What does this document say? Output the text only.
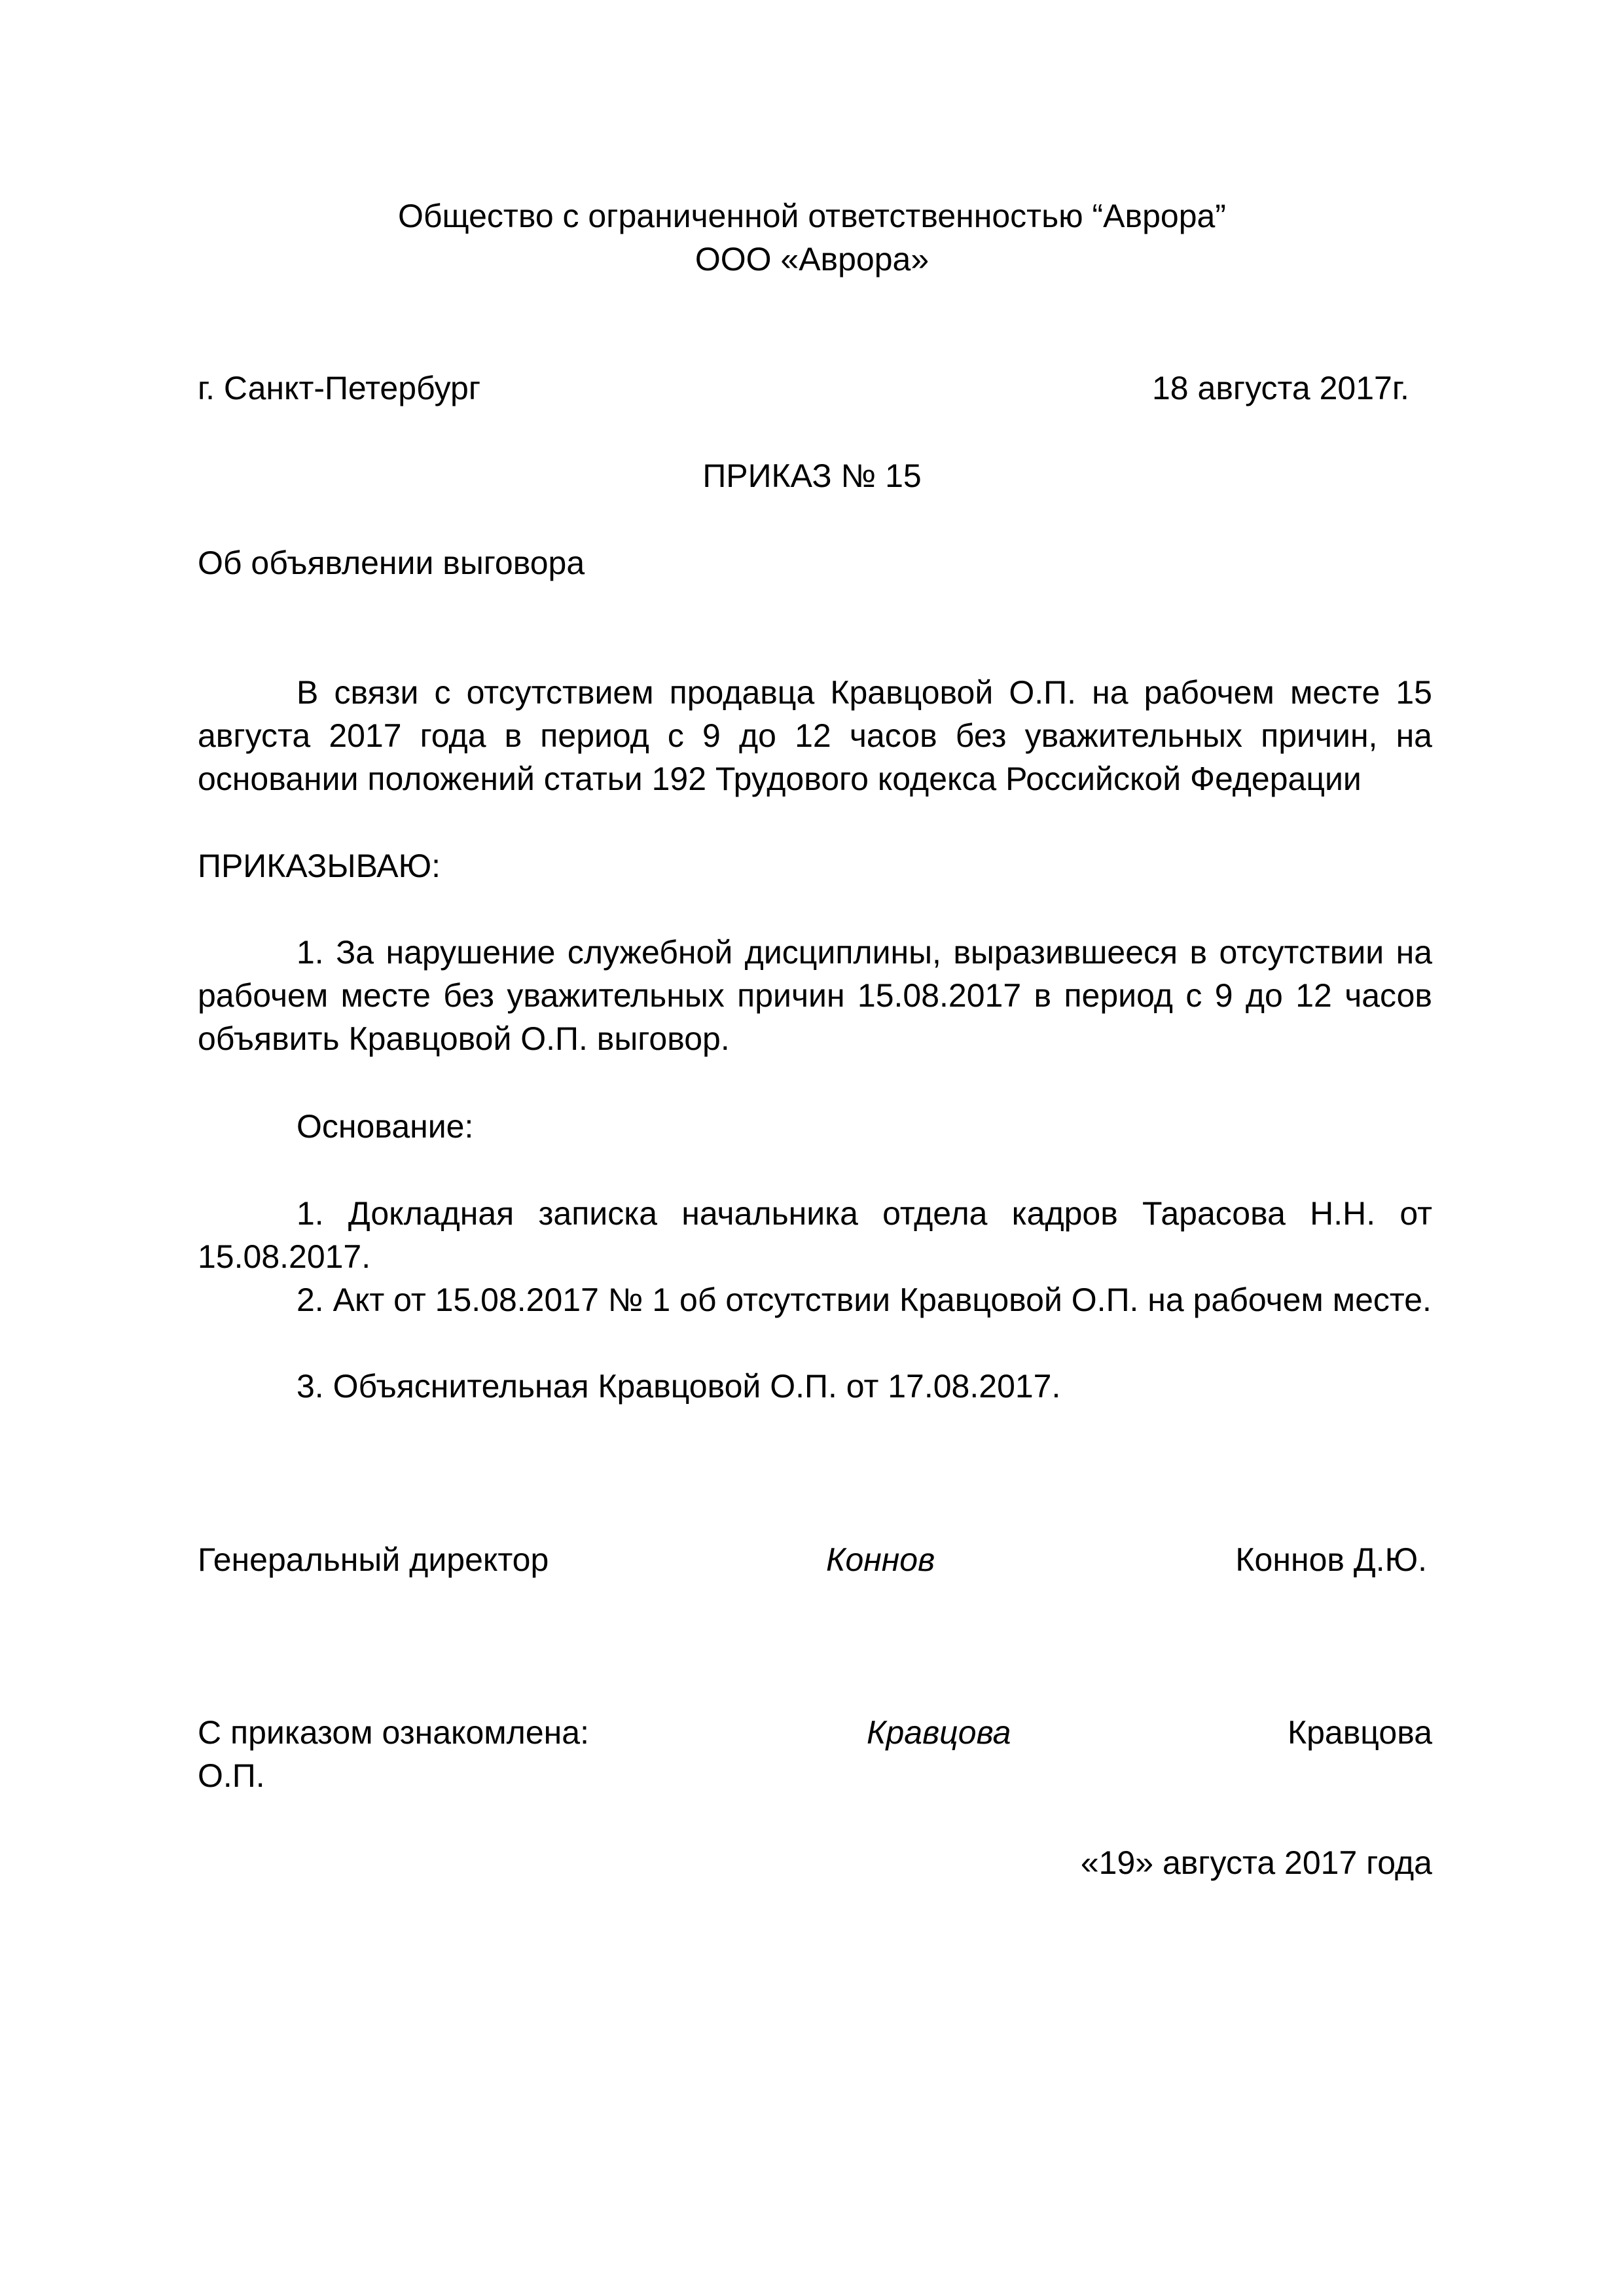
Общество с ограниченной ответственностью “Аврора”
ООО «Аврора»
г. Санкт-Петербург	18 августа 2017г.
ПРИКАЗ № 15
Об объявлении выговора
В связи с отсутствием продавца Кравцовой О.П. на рабочем месте 15 августа 2017 года в период с 9 до 12 часов без уважительных причин, на основании положений статьи 192 Трудового кодекса Российской Федерации
ПРИКАЗЫВАЮ:
1. За нарушение служебной дисциплины, выразившееся в отсутствии на рабочем месте без уважительных причин 15.08.2017 в период с 9 до 12 часов объявить Кравцовой О.П. выговор.
Основание:
1. Докладная записка начальника отдела кадров Тарасова Н.Н. от 15.08.2017.
2. Акт от 15.08.2017 № 1 об отсутствии Кравцовой О.П. на рабочем месте.
3. Объяснительная Кравцовой О.П. от 17.08.2017.
Генеральный директор	Коннов	Коннов Д.Ю.
С приказом ознакомлена:	Кравцова	Кравцова
О.П.
«19» августа 2017 года
